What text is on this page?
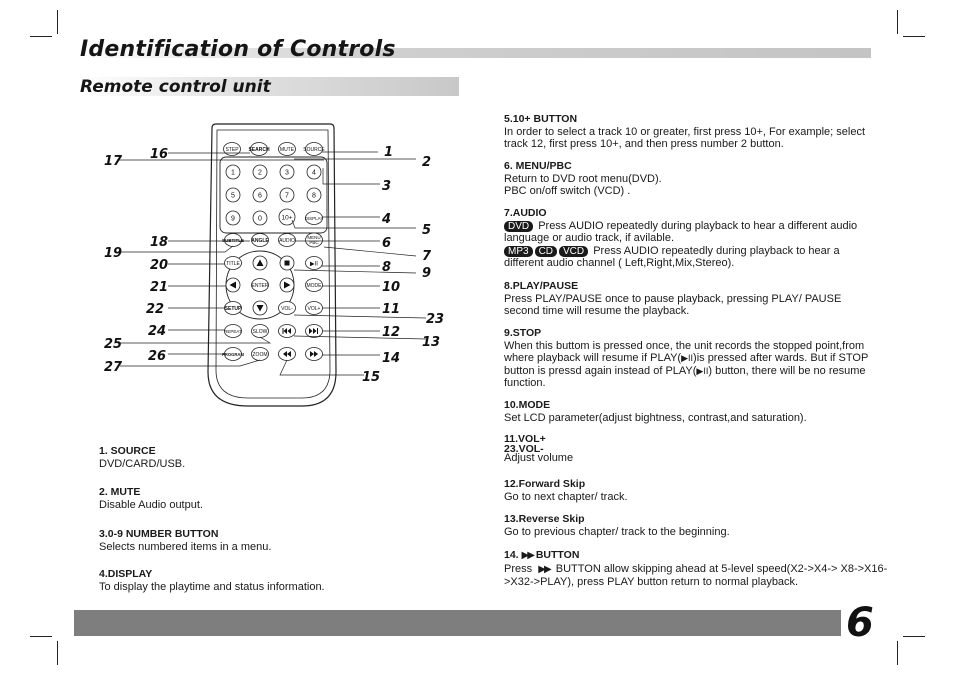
Identification of Controls
Remote control unit
STEP SEARCH MUTE SOURCE
1	2	3	4
5	6	7	8
9	0	10+	DISPLAY
SUBTITLE ANGLE AUDIO
MENU
PBC
TITLE	▶II
ENTER	MODE
SETUP	VOL-	VOL+
REPEAT SLOW
PROGRAM ZOOM
1
2
3
4
5
6
7
8 9
10
11
12
13
14
15
16
17
18
19
20
21
22
23
24
25
26
27
1. SOURCE

DVD/CARD/USB.

2. MUTE

Disable Audio output.

3.0-9 NUMBER BUTTON

Selects numbered items in a menu.

4.DISPLAY

To display the playtime and status information.

5.10+ BUTTON

In order to select a track 10 or greater, first press 10+, For example; select track 12, first press 10+, and then press number 2 button.

6. MENU/PBC

Return to DVD root menu(DVD).

PBC on/off switch (VCD) .

7.AUDIO

DVD Press AUDIO repeatedly during playback to hear a different audio language or audio track, if avilable.

MP3 CD VCD Press AUDIO repeatedly during playback to hear a different audio channel ( Left,Right,Mix,Stereo).

8.PLAY/PAUSE

Press PLAY/PAUSE once to pause playback, pressing PLAY/ PAUSE second time will resume the playback.

9.STOP

When this buttom is pressed once, the unit records the stopped point,from where playback will resume if PLAY(▶II)is pressed after wards. But if STOP button is pressd again instead of PLAY(▶II) button, there will be no resume function.

10.MODE

Set LCD parameter(adjust bightness, contrast,and saturation).

11.VOL+
23.VOL-

Adjust volume

12.Forward Skip

Go to next chapter/ track.

13.Reverse Skip

Go to previous chapter/ track to the beginning.

14. ▶▶ BUTTON

Press ▶▶ BUTTON allow skipping ahead at 5-level speed(X2->X4-> X8->X16->X32->PLAY), press PLAY button return to normal playback.

6
